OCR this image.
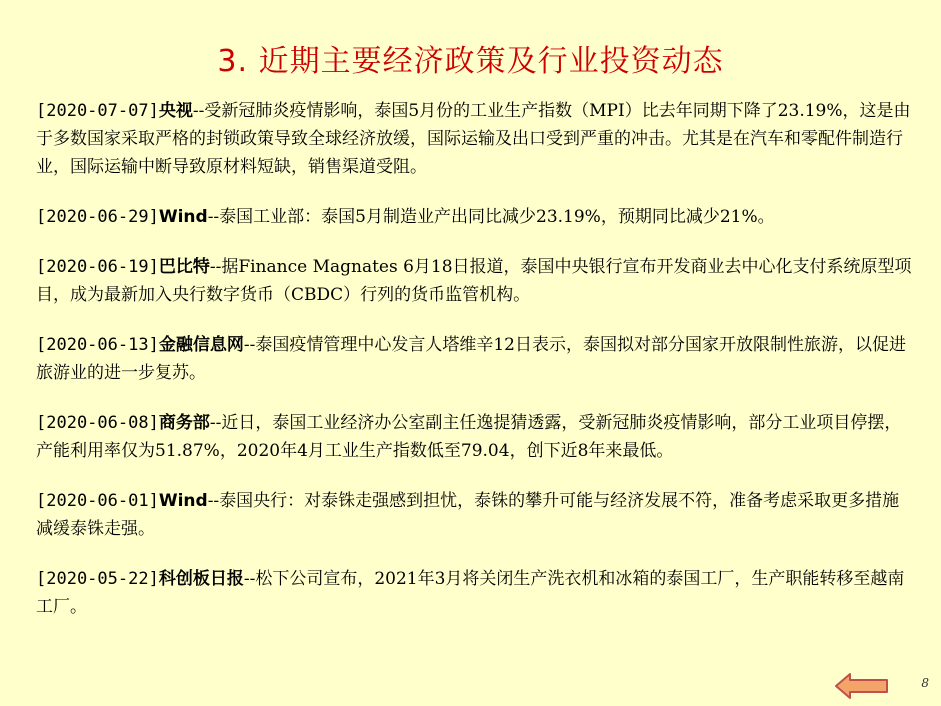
3. 近期主要经济政策及行业投资动态
[2020-07-07]央视--受新冠肺炎疫情影响，泰国5月份的工业生产指数（MPI）比去年同期下降了23.19%，这是由于多数国家采取严格的封锁政策导致全球经济放缓，国际运输及出口受到严重的冲击。尤其是在汽车和零配件制造行业，国际运输中断导致原材料短缺，销售渠道受阻。
[2020-06-29]Wind--泰国工业部：泰国5月制造业产出同比减少23.19%，预期同比减少21%。
[2020-06-19]巴比特--据Finance Magnates 6月18日报道，泰国中央银行宣布开发商业去中心化支付系统原型项目，成为最新加入央行数字货币（CBDC）行列的货币监管机构。
[2020-06-13]金融信息网--泰国疫情管理中心发言人塔维辛12日表示，泰国拟对部分国家开放限制性旅游，以促进旅游业的进一步复苏。
[2020-06-08]商务部--近日，泰国工业经济办公室副主任逸提猜透露，受新冠肺炎疫情影响，部分工业项目停摆，产能利用率仅为51.87%，2020年4月工业生产指数低至79.04，创下近8年来最低。
[2020-06-01]Wind--泰国央行：对泰铢走强感到担忧，泰铢的攀升可能与经济发展不符，准备考虑采取更多措施减缓泰铢走强。
[2020-05-22]科创板日报--松下公司宣布，2021年3月将关闭生产洗衣机和冰箱的泰国工厂，生产职能转移至越南工厂。
8
